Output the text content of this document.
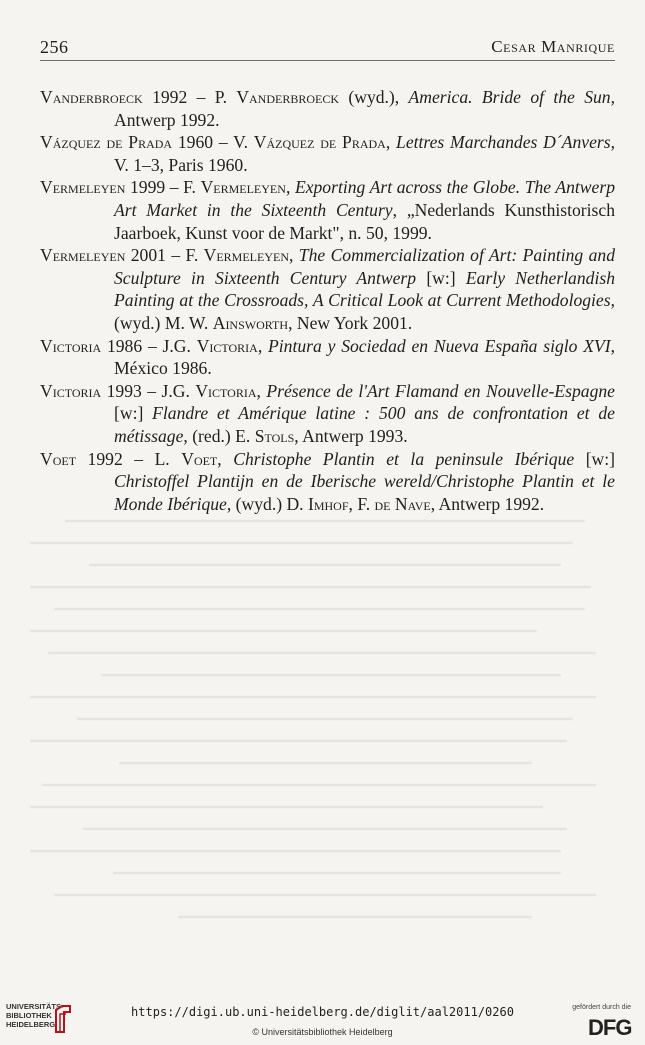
256	Cesar Manrique

Vanderbroeck 1992 – P. Vanderbroeck (wyd.), America. Bride of the Sun, Antwerp 1992.

Vázquez de Prada 1960 – V. Vázquez de Prada, Lettres Marchandes D´Anvers, V. 1–3, Paris 1960.

Vermeleyen 1999 – F. Vermeleyen, Exporting Art across the Globe. The Antwerp Art Market in the Sixteenth Century, „Nederlands Kunsthistorisch Jaarboek, Kunst voor de Markt", n. 50, 1999.

Vermeleyen 2001 – F. Vermeleyen, The Commercialization of Art: Painting and Sculpture in Sixteenth Century Antwerp [w:] Early Netherlandish Painting at the Crossroads, A Critical Look at Current Methodologies, (wyd.) M. W. Ainsworth, New York 2001.

Victoria 1986 – J.G. Victoria, Pintura y Sociedad en Nueva España siglo XVI, México 1986.

Victoria 1993 – J.G. Victoria, Présence de l'Art Flamand en Nouvelle-Espagne [w:] Flandre et Amérique latine : 500 ans de confrontation et de métissage, (red.) E. Stols, Antwerp 1993.

Voet 1992 – L. Voet, Christophe Plantin et la peninsule Ibérique [w:] Christoffel Plantijn en de Iberische wereld/Christophe Plantin et le Monde Ibérique, (wyd.) D. Imhof, F. de Nave, Antwerp 1992.

UNIVERSITÄTS-
BIBLIOTHEK
HEIDELBERG
https://digi.ub.uni-heidelberg.de/diglit/aal2011/0260
© Universitätsbibliothek Heidelberg
gefördert durch die
DFG
